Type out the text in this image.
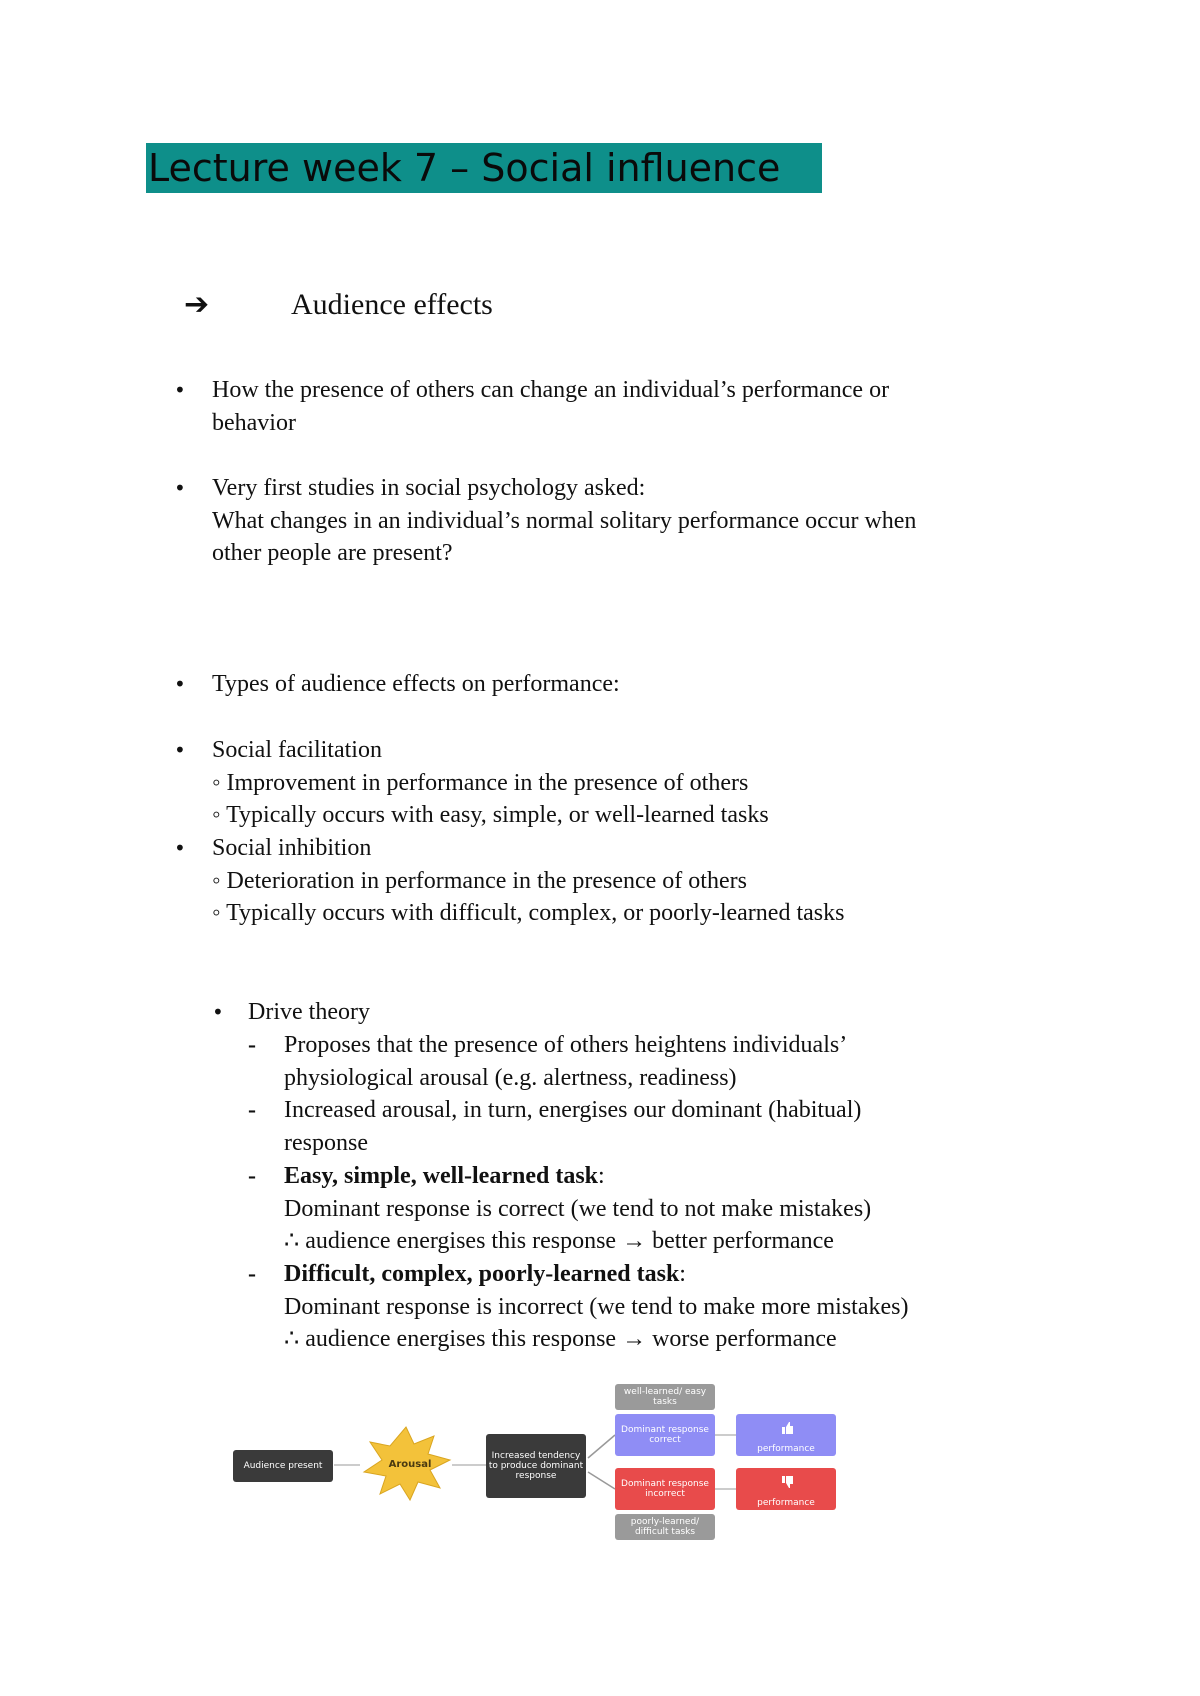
Lecture week 7 – Social influence
➔	Audience effects
• How the presence of others can change an individual’s performance or
behavior
• Very first studies in social psychology asked:
What changes in an individual’s normal solitary performance occur when
other people are present?
• Types of audience effects on performance:
• Social facilitation
◦ Improvement in performance in the presence of others
◦ Typically occurs with easy, simple, or well-learned tasks
• Social inhibition
◦ Deterioration in performance in the presence of others
◦ Typically occurs with difficult, complex, or poorly-learned tasks
• Drive theory
- Proposes that the presence of others heightens individuals’
physiological arousal (e.g. alertness, readiness)
- Increased arousal, in turn, energises our dominant (habitual)
response
- Easy, simple, well-learned task:
Dominant response is correct (we tend to not make mistakes)
∴ audience energises this response → better performance
- Difficult, complex, poorly-learned task:
Dominant response is incorrect (we tend to make more mistakes)
∴ audience energises this response → worse performance
Audience present	Arousal
Increased tendency to produce dominant response
well-learned/ easy tasks
Dominant response correct
Dominant response incorrect
poorly-learned/ difficult tasks
performance
performance
